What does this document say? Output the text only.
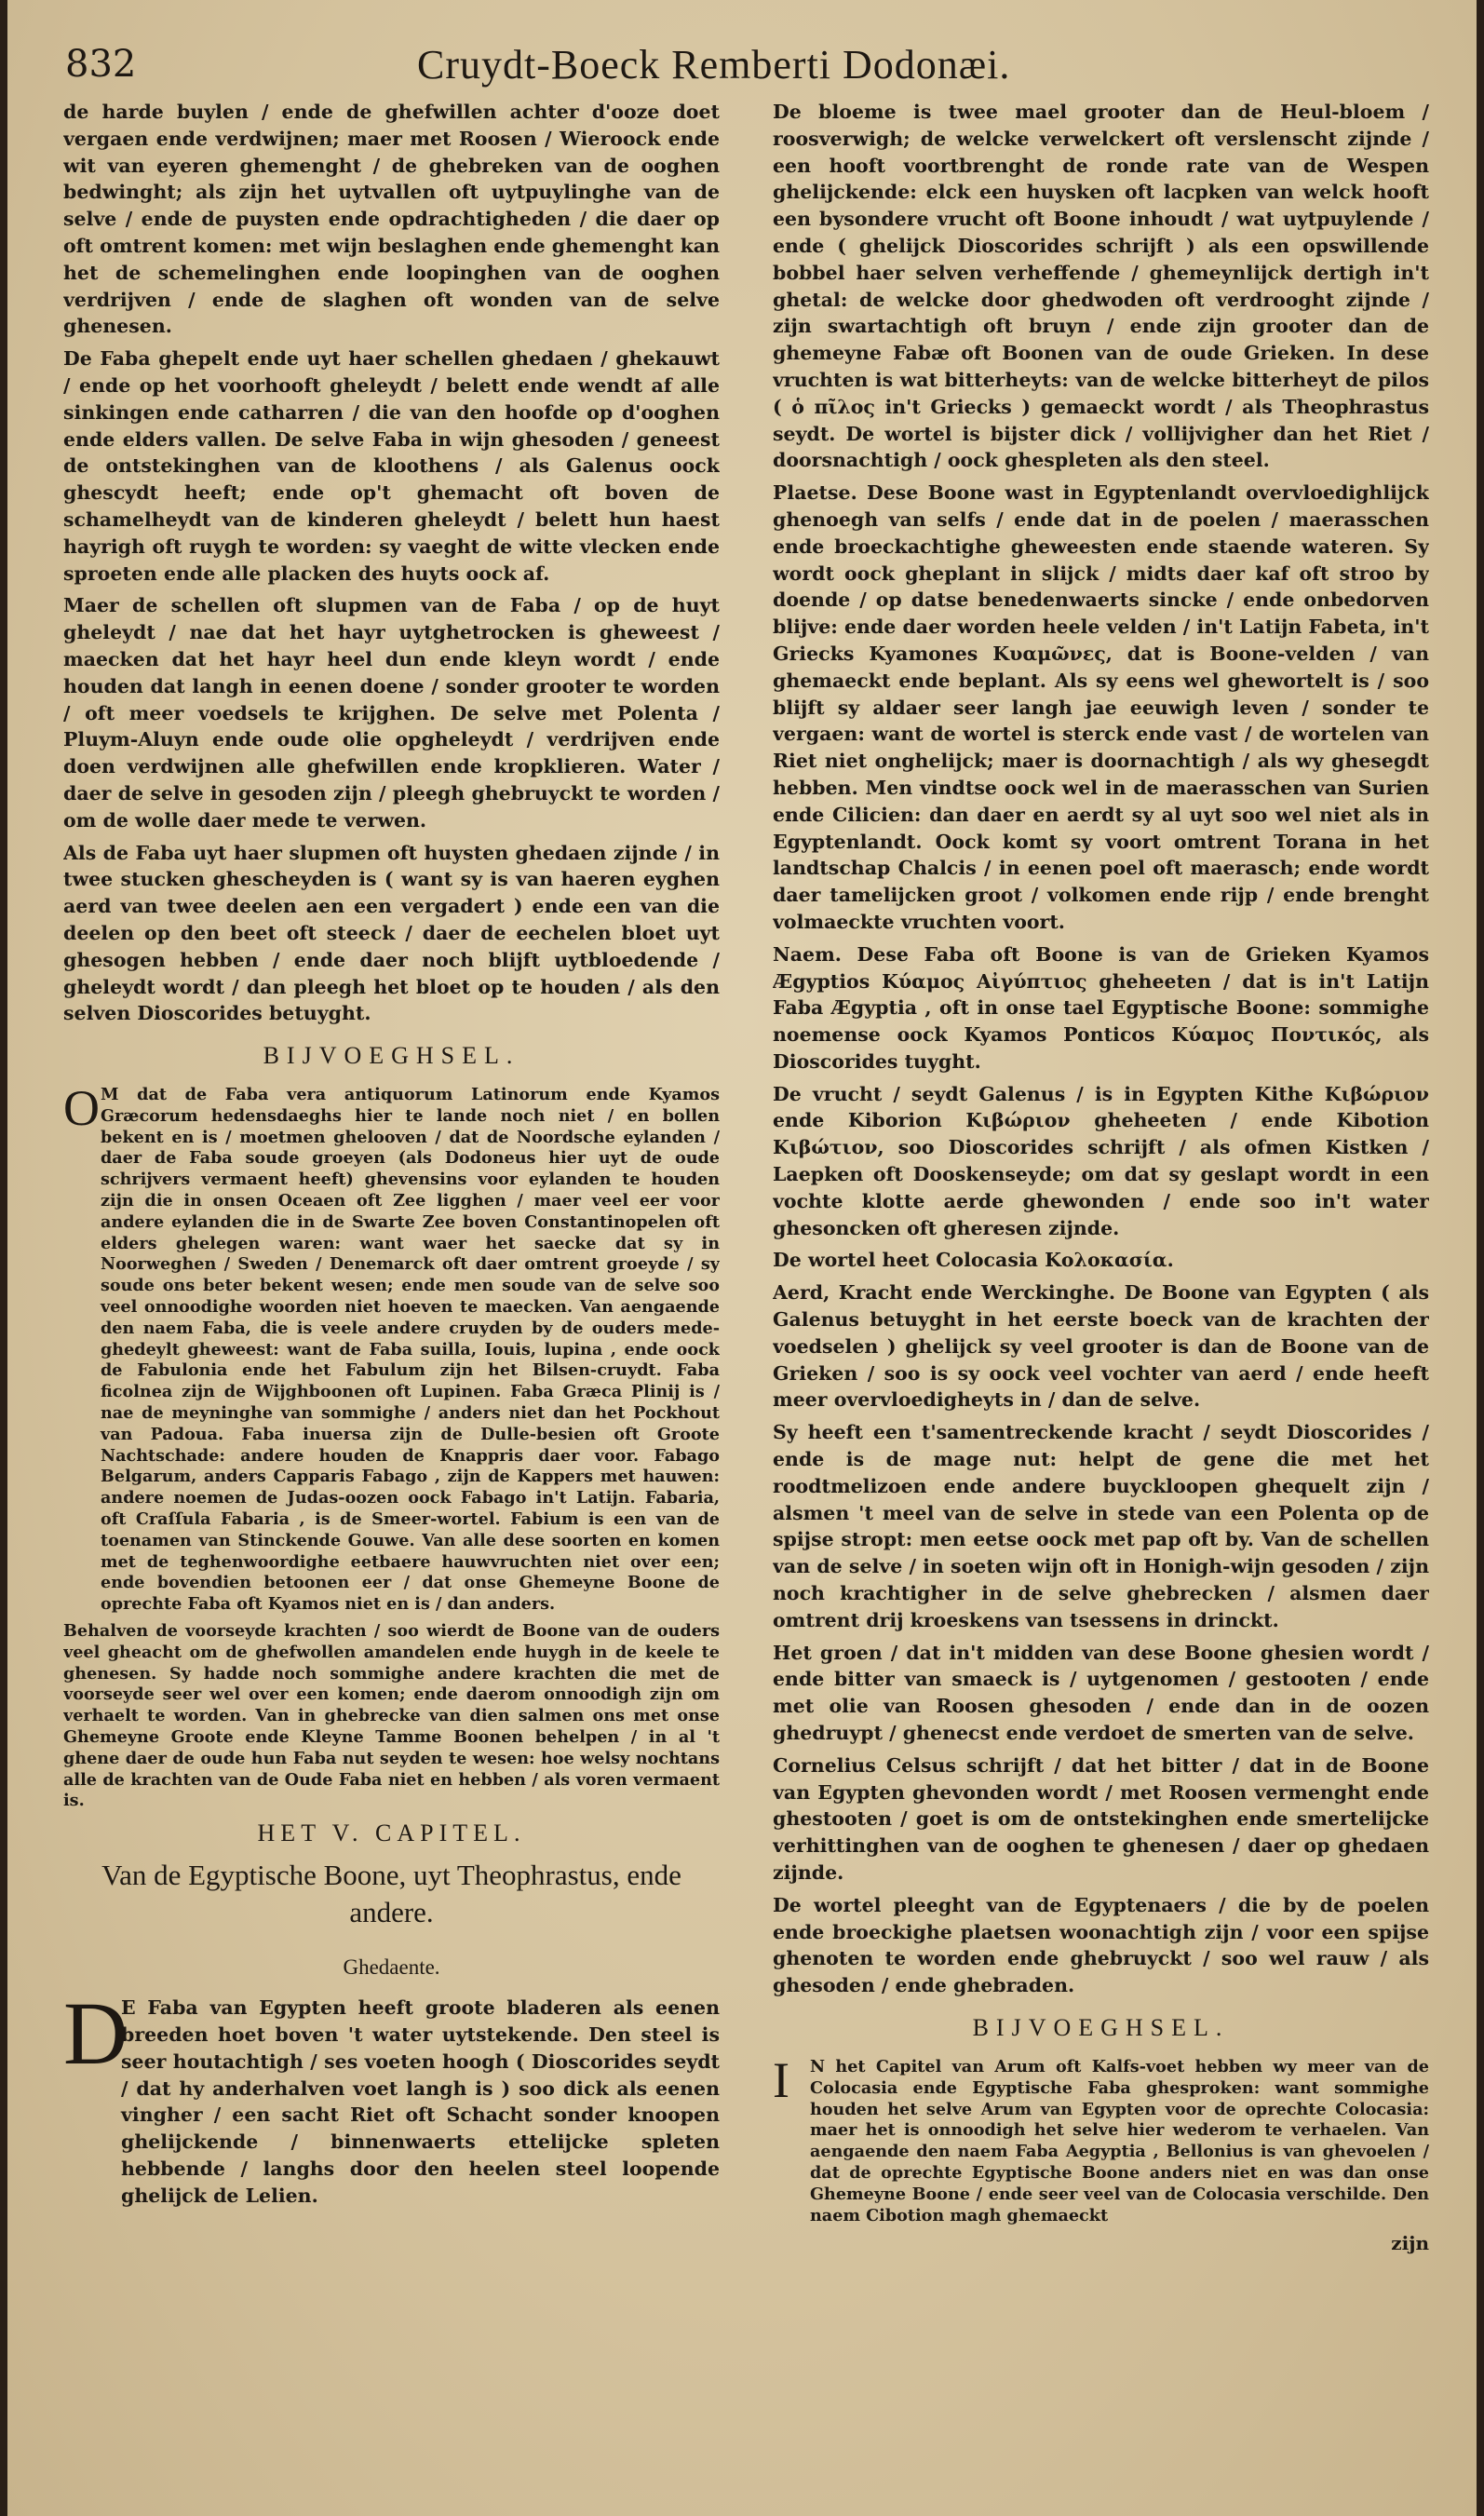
832	Cruydt-Boeck Remberti Dodonæi.

de harde buylen / ende de ghefwillen achter d'ooze doet vergaen ende verdwijnen; maer met Roosen / Wieroock ende wit van eyeren ghemenght / de ghebreken van de ooghen bedwinght; als zijn het uytvallen oft uytpuylinghe van de selve / ende de puysten ende opdrachtigheden / die daer op oft omtrent komen: met wijn beslaghen ende ghemenght kan het de schemelinghen ende loopinghen van de ooghen verdrijven / ende de slaghen oft wonden van de selve ghenesen.

De Faba ghepelt ende uyt haer schellen ghedaen / ghekauwt / ende op het voorhooft gheleydt / belett ende wendt af alle sinkingen ende catharren / die van den hoofde op d'ooghen ende elders vallen. De selve Faba in wijn ghesoden / geneest de ontstekinghen van de kloothens / als Galenus oock ghescydt heeft; ende op't ghemacht oft boven de schamelheydt van de kinderen gheleydt / belett hun haest hayrigh oft ruygh te worden: sy vaeght de witte vlecken ende sproeten ende alle placken des huyts oock af.

Maer de schellen oft slupmen van de Faba / op de huyt gheleydt / nae dat het hayr uytghetrocken is gheweest / maecken dat het hayr heel dun ende kleyn wordt / ende houden dat langh in eenen doene / sonder grooter te worden / oft meer voedsels te krijghen. De selve met Polenta / Pluym-Aluyn ende oude olie opgheleydt / verdrijven ende doen verdwijnen alle ghefwillen ende kropklieren. Water / daer de selve in gesoden zijn / pleegh ghebruyckt te worden / om de wolle daer mede te verwen.

Als de Faba uyt haer slupmen oft huysten ghedaen zijnde / in twee stucken ghescheyden is ( want sy is van haeren eyghen aerd van twee deelen aen een vergadert ) ende een van die deelen op den beet oft steeck / daer de eechelen bloet uyt ghesogen hebben / ende daer noch blijft uytbloedende / gheleydt wordt / dan pleegh het bloet op te houden / als den selven Dioscorides betuyght.

BIJVOEGHSEL.
O M dat de Faba vera antiquorum Latinorum ende Kyamos Græcorum hedensdaeghs hier te lande noch niet / en bollen bekent en is / moetmen ghelooven / dat de Noordsche eylanden / daer de Faba soude groeyen (als Dodoneus hier uyt de oude schrijvers vermaent heeft) ghevensins voor eylanden te houden zijn die in onsen Oceaen oft Zee ligghen / maer veel eer voor andere eylanden die in de Swarte Zee boven Constantinopelen oft elders ghelegen waren: want waer het saecke dat sy in Noorweghen / Sweden / Denemarck oft daer omtrent groeyde / sy soude ons beter bekent wesen; ende men soude van de selve soo veel onnoodighe woorden niet hoeven te maecken. Van aengaende den naem Faba, die is veele andere cruyden by de ouders mede-ghedeylt gheweest: want de Faba suilla, Iouis, lupina , ende oock de Fabulonia ende het Fabulum zijn het Bilsen-cruydt. Faba ficolnea zijn de Wijghboonen oft Lupinen. Faba Græca Plinij is / nae de meyninghe van sommighe / anders niet dan het Pockhout van Padoua. Faba inuersa zijn de Dulle-besien oft Groote Nachtschade: andere houden de Knappris daer voor. Fabago Belgarum, anders Capparis Fabago , zijn de Kappers met hauwen: andere noemen de Judas-oozen oock Fabago in't Latijn. Fabaria, oft Craſſula Fabaria , is de Smeer-wortel. Fabium is een van de toenamen van Stinckende Gouwe. Van alle dese soorten en komen met de teghenwoordighe eetbaere hauwvruchten niet over een; ende bovendien betoonen eer / dat onse Ghemeyne Boone de oprechte Faba oft Kyamos niet en is / dan anders.

Behalven de voorseyde krachten / soo wierdt de Boone van de ouders veel gheacht om de ghefwollen amandelen ende huygh in de keele te ghenesen. Sy hadde noch sommighe andere krachten die met de voorseyde seer wel over een komen; ende daerom onnoodigh zijn om verhaelt te worden. Van in ghebrecke van dien salmen ons met onse Ghemeyne Groote ende Kleyne Tamme Boonen behelpen / in al 't ghene daer de oude hun Faba nut seyden te wesen: hoe welsy nochtans alle de krachten van de Oude Faba niet en hebben / als voren vermaent is.

HET V. CAPITEL.
Van de Egyptische Boone, uyt Theophrastus, ende andere.
Ghedaente.
D

E Faba van Egypten heeft groote bladeren als eenen breeden hoet boven 't water uytstekende. Den steel is seer houtachtigh / ses voeten hoogh ( Dioscorides seydt / dat hy anderhalven voet langh is ) soo dick als eenen vingher / een sacht Riet oft Schacht sonder knoopen ghelijckende / binnenwaerts ettelijcke spleten hebbende / langhs door den heelen steel loopende ghelijck de Lelien.

De bloeme is twee mael grooter dan de Heul-bloem / roosverwigh; de welcke verwelckert oft verslenscht zijnde / een hooft voortbrenght de ronde rate van de Wespen ghelijckende: elck een huysken oft lacpken van welck hooft een bysondere vrucht oft Boone inhoudt / wat uytpuylende / ende ( ghelijck Dioscorides schrijft ) als een opswillende bobbel haer selven verheffende / ghemeynlijck dertigh in't ghetal: de welcke door ghedwoden oft verdrooght zijnde / zijn swartachtigh oft bruyn / ende zijn grooter dan de ghemeyne Fabæ oft Boonen van de oude Grieken. In dese vruchten is wat bitterheyts: van de welcke bitterheyt de pilos ( ὁ πῖλος in't Griecks ) gemaeckt wordt / als Theophrastus seydt. De wortel is bijster dick / vollijvigher dan het Riet / doorsnachtigh / oock ghespleten als den steel.

Plaetse. Dese Boone wast in Egyptenlandt overvloedighlijck ghenoegh van selfs / ende dat in de poelen / maerasschen ende broeckachtighe gheweesten ende staende wateren. Sy wordt oock gheplant in slijck / midts daer kaf oft stroo by doende / op datse benedenwaerts sincke / ende onbedorven blijve: ende daer worden heele velden / in't Latijn Fabeta, in't Griecks Kyamones Κυαμῶνες, dat is Boone-velden / van ghemaeckt ende beplant. Als sy eens wel ghewortelt is / soo blijft sy aldaer seer langh jae eeuwigh leven / sonder te vergaen: want de wortel is sterck ende vast / de wortelen van Riet niet onghelijck; maer is doornachtigh / als wy ghesegdt hebben. Men vindtse oock wel in de maerasschen van Surien ende Cilicien: dan daer en aerdt sy al uyt soo wel niet als in Egyptenlandt. Oock komt sy voort omtrent Torana in het landtschap Chalcis / in eenen poel oft maerasch; ende wordt daer tamelijcken groot / volkomen ende rijp / ende brenght volmaeckte vruchten voort.

Naem. Dese Faba oft Boone is van de Grieken Kyamos Ægyptios Κύαμος Αἰγύπτιος gheheeten / dat is in't Latijn Faba Ægyptia , oft in onse tael Egyptische Boone: sommighe noemense oock Kyamos Ponticos Κύαμος Ποντικός, als Dioscorides tuyght.

De vrucht / seydt Galenus / is in Egypten Kithe Κιβώριον ende Kiborion Κιβώριον gheheeten / ende Kibotion Κιβώτιον, soo Dioscorides schrijft / als ofmen Kistken / Laepken oft Dooskenseyde; om dat sy geslapt wordt in een vochte klotte aerde ghewonden / ende soo in't water ghesoncken oft gheresen zijnde.

De wortel heet Colocasia Κολοκασία.

Aerd, Kracht ende Werckinghe. De Boone van Egypten ( als Galenus betuyght in het eerste boeck van de krachten der voedselen ) ghelijck sy veel grooter is dan de Boone van de Grieken / soo is sy oock veel vochter van aerd / ende heeft meer overvloedigheyts in / dan de selve.

Sy heeft een t'samentreckende kracht / seydt Dioscorides / ende is de mage nut: helpt de gene die met het roodtmelizoen ende andere buyckloopen ghequelt zijn / alsmen 't meel van de selve in stede van een Polenta op de spijse stropt: men eetse oock met pap oft by. Van de schellen van de selve / in soeten wijn oft in Honigh-wijn gesoden / zijn noch krachtigher in de selve ghebrecken / alsmen daer omtrent drij kroeskens van tsessens in drinckt.

Het groen / dat in't midden van dese Boone ghesien wordt / ende bitter van smaeck is / uytgenomen / gestooten / ende met olie van Roosen ghesoden / ende dan in de oozen ghedruypt / ghenecst ende verdoet de smerten van de selve.

Cornelius Celsus schrijft / dat het bitter / dat in de Boone van Egypten ghevonden wordt / met Roosen vermenght ende ghestooten / goet is om de ontstekinghen ende smertelijcke verhittinghen van de ooghen te ghenesen / daer op ghedaen zijnde.

De wortel pleeght van de Egyptenaers / die by de poelen ende broeckighe plaetsen woonachtigh zijn / voor een spijse ghenoten te worden ende ghebruyckt / soo wel rauw / als ghesoden / ende ghebraden.

BIJVOEGHSEL.
I N het Capitel van Arum oft Kalfs-voet hebben wy meer van de Colocasia ende Egyptische Faba ghesproken: want sommighe houden het selve Arum van Egypten voor de oprechte Colocasia: maer het is onnoodigh het selve hier wederom te verhaelen. Van aengaende den naem Faba Aegyptia , Bellonius is van ghevoelen / dat de oprechte Egyptische Boone anders niet en was dan onse Ghemeyne Boone / ende seer veel van de Colocasia verschilde. Den naem Cibotion magh ghemaeckt

zijn
